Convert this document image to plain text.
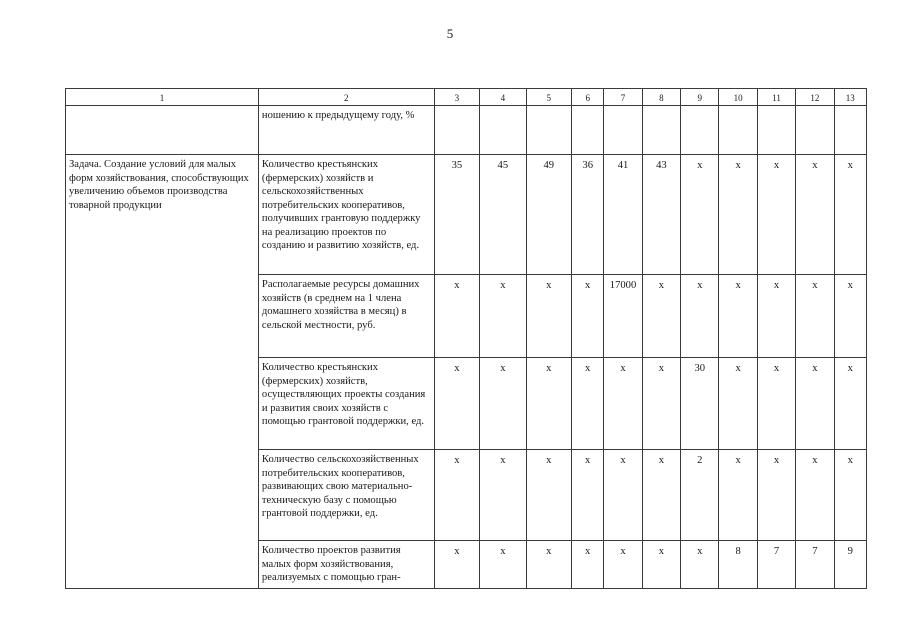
5
1	2	3	4	5	6	7	8	9	10	11	12	13
	ношению к предыдущему году, %											
Задача. Создание условий для малых форм хозяйствования, способствующих увеличению объемов производства товарной продукции	Количество крестьянских (фермерских) хозяйств и сельскохозяйственных потребительских кооперативов, получивших грантовую поддержку на реализацию проектов по созданию и развитию хозяйств, ед.	35	45	49	36	41	43	х	х	х	х	х
	Располагаемые ресурсы домашних хозяйств (в среднем на 1 члена домашнего хозяйства в месяц) в сельской местности, руб.	х	х	х	х	17000	х	х	х	х	х	х
	Количество крестьянских (фермерских) хозяйств, осуществляющих проекты создания и развития своих хозяйств с помощью грантовой поддержки, ед.	х	х	х	х	х	х	30	х	х	х	х
	Количество сельскохозяйственных потребительских кооперативов, развивающих свою материально-техническую базу с помощью грантовой поддержки, ед.	х	х	х	х	х	х	2	х	х	х	х
	Количество проектов развития малых форм хозяйствования, реализуемых с помощью гран-	х	х	х	х	х	х	х	8	7	7	9
